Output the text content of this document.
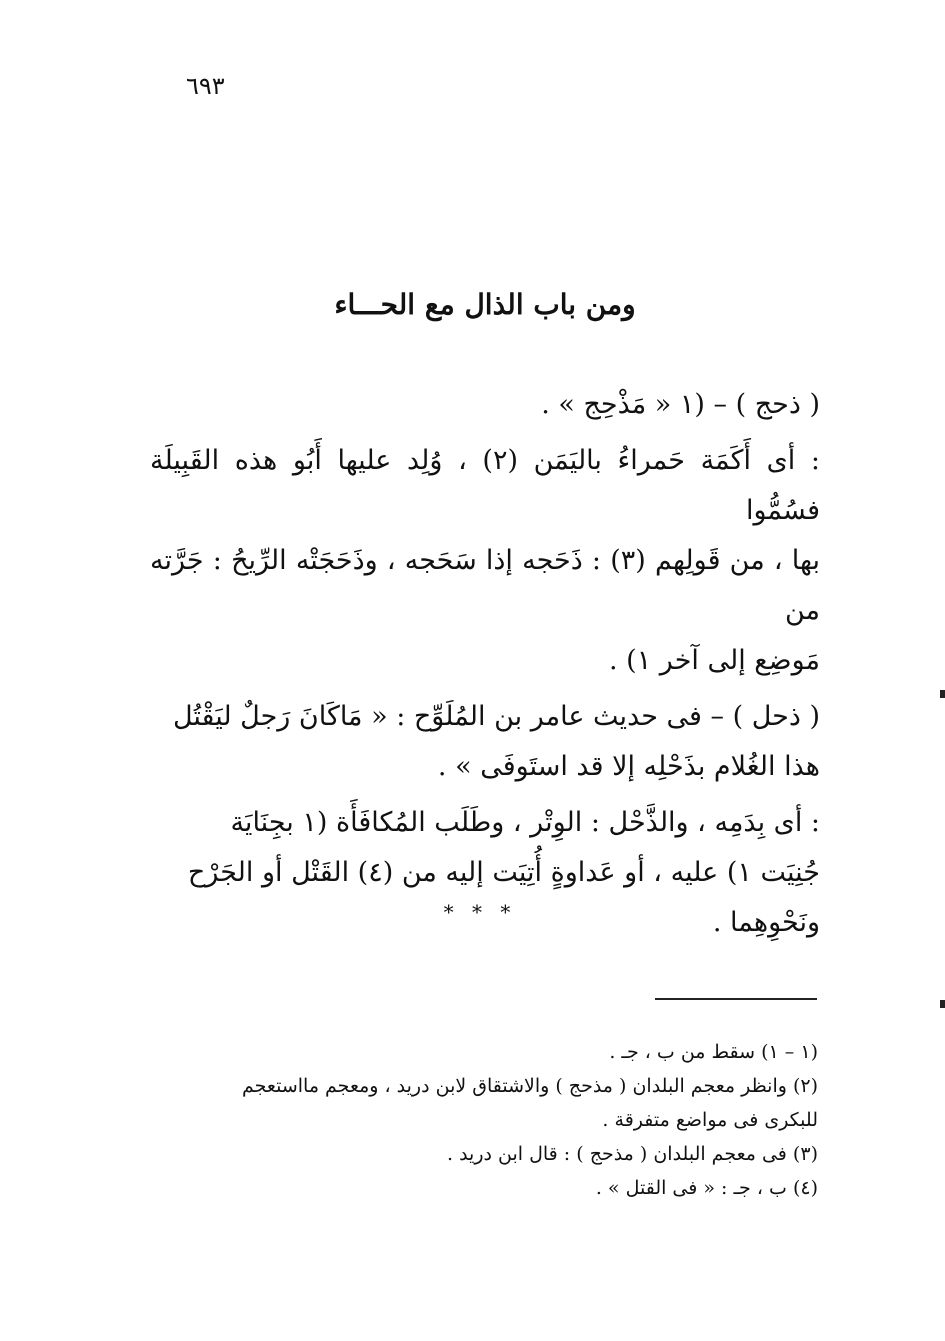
٦٩٣
ومن باب الذال مع الحـــاء

( ذحج ) – (١ « مَذْحِج » .

: أى أَكَمَة حَمراءُ باليَمَن (٢) ، وُلِد عليها أَبُو هذه القَبِيلَة فسُمُّوا
بها ، من قَولِهم (٣) : ذَحَجه إذا سَحَجه ، وذَحَجَتْه الرِّيحُ : جَرَّته من
مَوضِع إلى آخر ١) .

( ذحل ) – فى حديث عامر بن المُلَوِّح : « مَاكَانَ رَجلٌ ليَقْتُل
هذا الغُلام بذَحْلِه إلا قد استَوفَى » .

: أى بِدَمِه ، والذَّحْل : الوِتْر ، وطَلَب المُكافَأَة (١ بجِنَايَة
جُنِيَت ١) عليه ، أو عَداوةٍ أُتِيَت إليه من (٤) القَتْل أو الجَرْح
ونَحْوِهِما .

* * *
(١ – ١) سقط من ب ، جـ .
(٢) وانظر معجم البلدان ( مذحج ) والاشتقاق لابن دريد ، ومعجم مااستعجم
للبكرى فى مواضع متفرقة .
(٣) فى معجم البلدان ( مذحج ) : قال ابن دريد .
(٤) ب ، جـ : « فى القتل » .
